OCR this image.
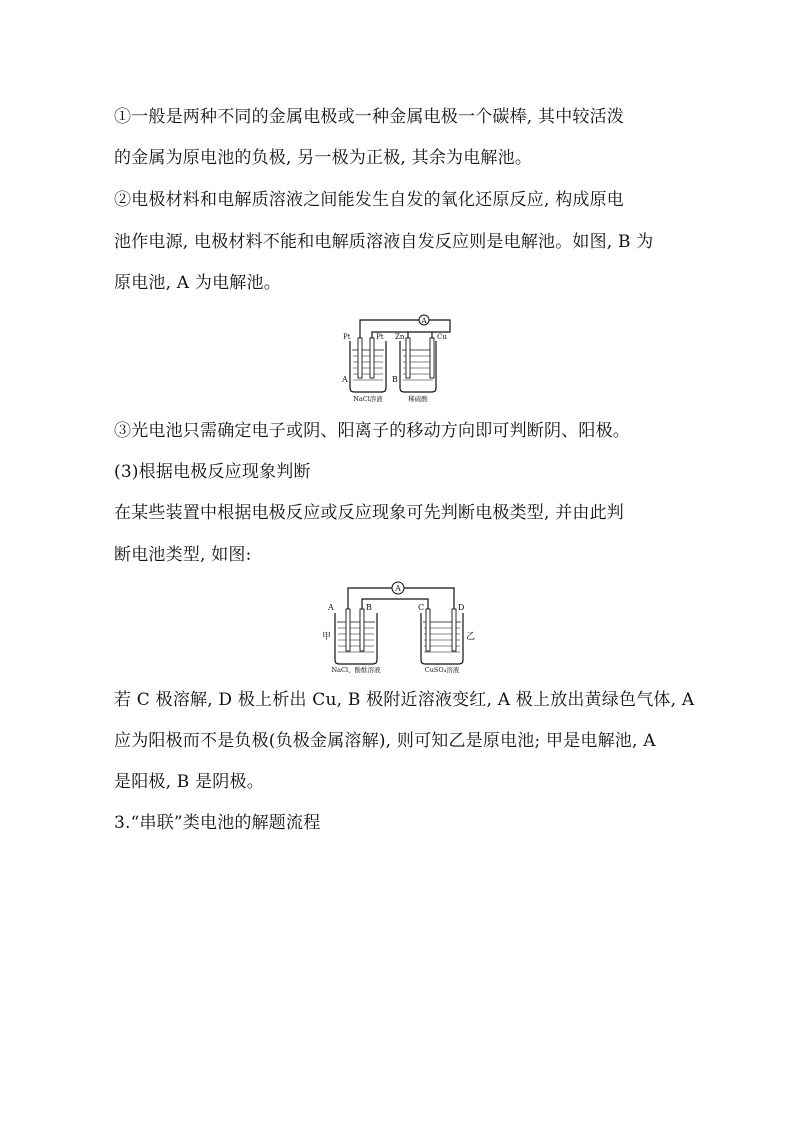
①一般是两种不同的金属电极或一种金属电极一个碳棒, 其中较活泼
的金属为原电池的负极, 另一极为正极, 其余为电解池。
②电极材料和电解质溶液之间能发生自发的氧化还原反应, 构成原电
池作电源, 电极材料不能和电解质溶液自发反应则是电解池。如图, B 为
原电池, A 为电解池。
A
Pt	Pt Zn	Cu
A	B
NaCl溶液	稀硫酸
③光电池只需确定电子或阴、阳离子的移动方向即可判断阴、阳极。
(3)根据电极反应现象判断
在某些装置中根据电极反应或反应现象可先判断电极类型, 并由此判
断电池类型, 如图:
A
A	B	C	D
甲	乙
NaCl、酚酞溶液	CuSO₄溶液
若 C 极溶解, D 极上析出 Cu, B 极附近溶液变红, A 极上放出黄绿色气体, A
应为阳极而不是负极(负极金属溶解), 则可知乙是原电池; 甲是电解池, A
是阳极, B 是阴极。
3.“串联”类电池的解题流程
